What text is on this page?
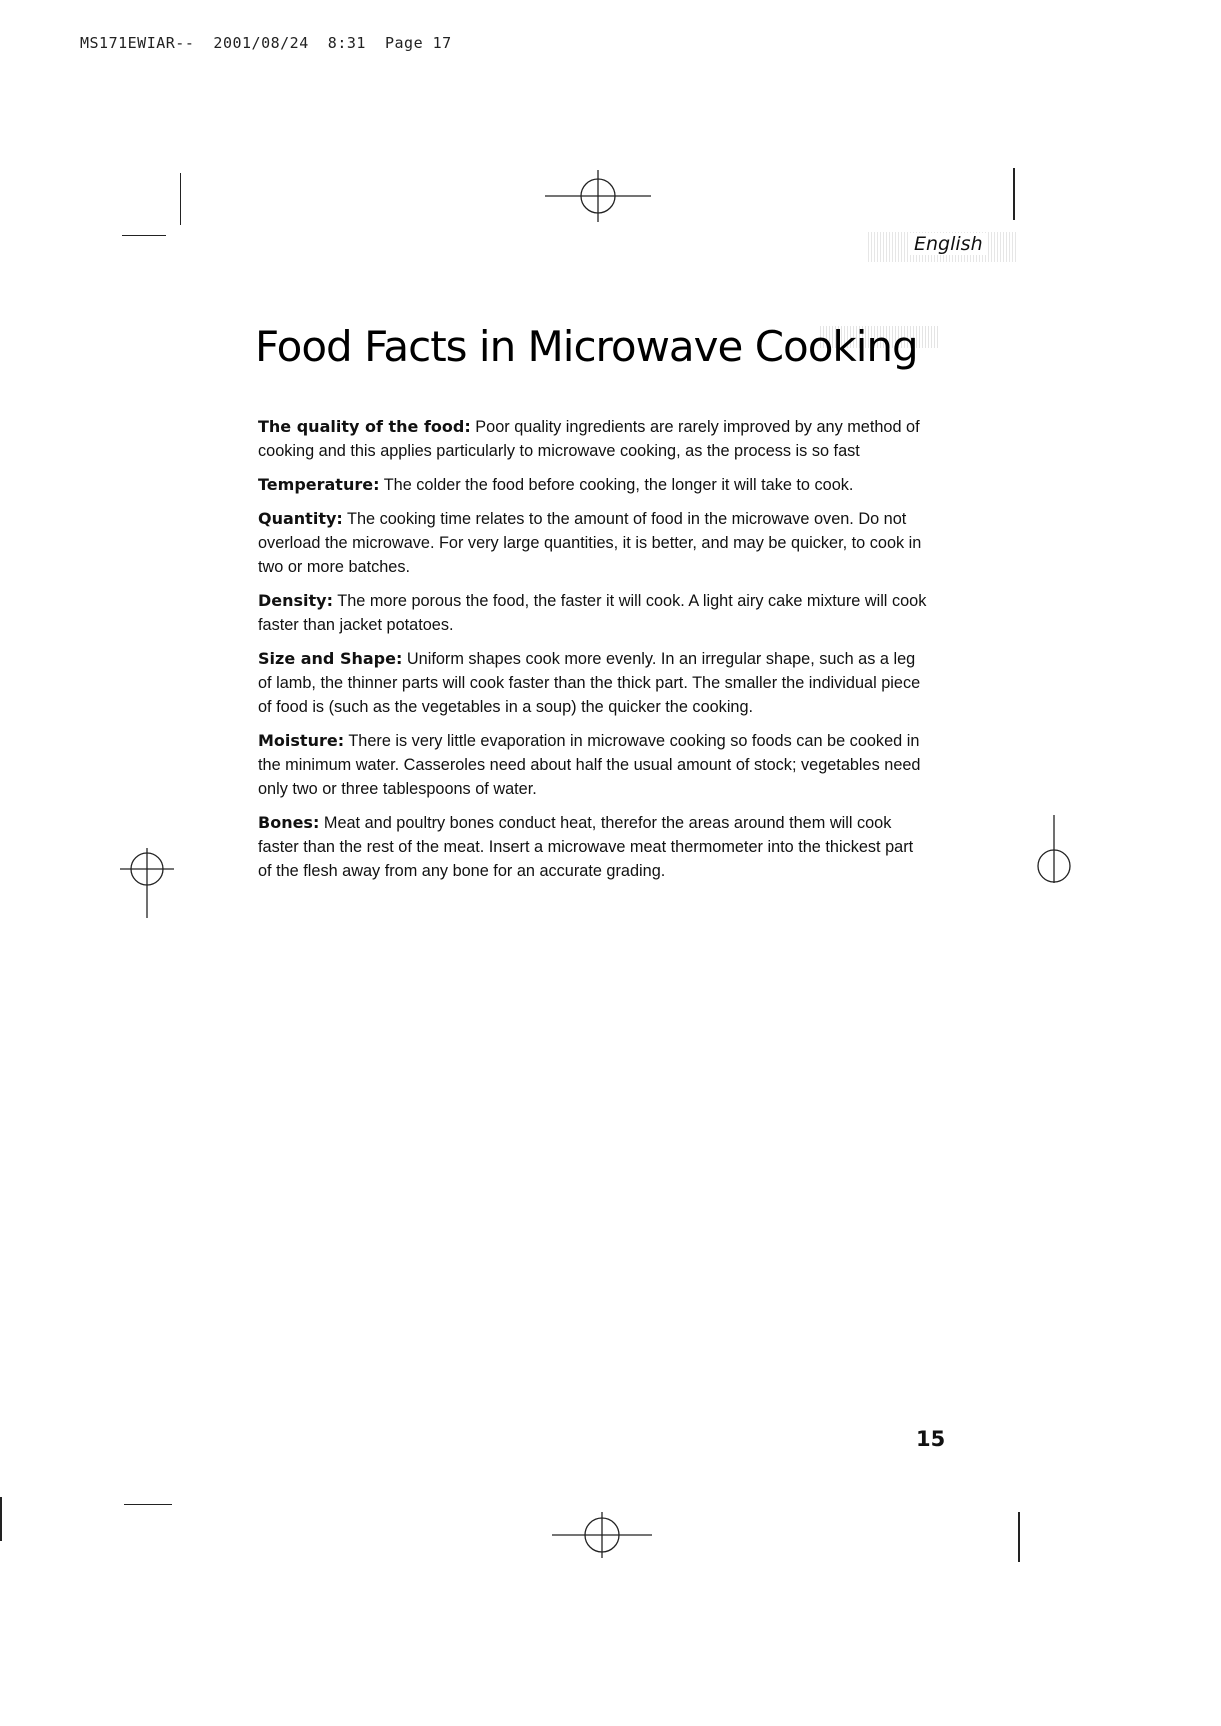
MS171EWIAR--  2001/08/24  8:31  Page 17
English
Food Facts in Microwave Cooking

The quality of the food: Poor quality ingredients are rarely improved by any method of cooking and this applies particularly to microwave cooking, as the process is so fast

Temperature: The colder the food before cooking, the longer it will take to cook.

Quantity: The cooking time relates to the amount of food in the microwave oven. Do not overload the microwave. For very large quantities, it is better, and may be quicker, to cook in two or more batches.

Density: The more porous the food, the faster it will cook. A light airy cake mixture will cook faster than jacket potatoes.

Size and Shape: Uniform shapes cook more evenly. In an irregular shape, such as a leg of lamb, the thinner parts will cook faster than the thick part. The smaller the individual piece of food is (such as the vegetables in a soup) the quicker the cooking.

Moisture: There is very little evaporation in microwave cooking so foods can be cooked in the minimum water. Casseroles need about half the usual amount of stock; vegetables need only two or three tablespoons of water.

Bones: Meat and poultry bones conduct heat, therefor the areas around them will cook faster than the rest of the meat. Insert a microwave meat thermometer into the thickest part of the flesh away from any bone for an accurate grading.

15
